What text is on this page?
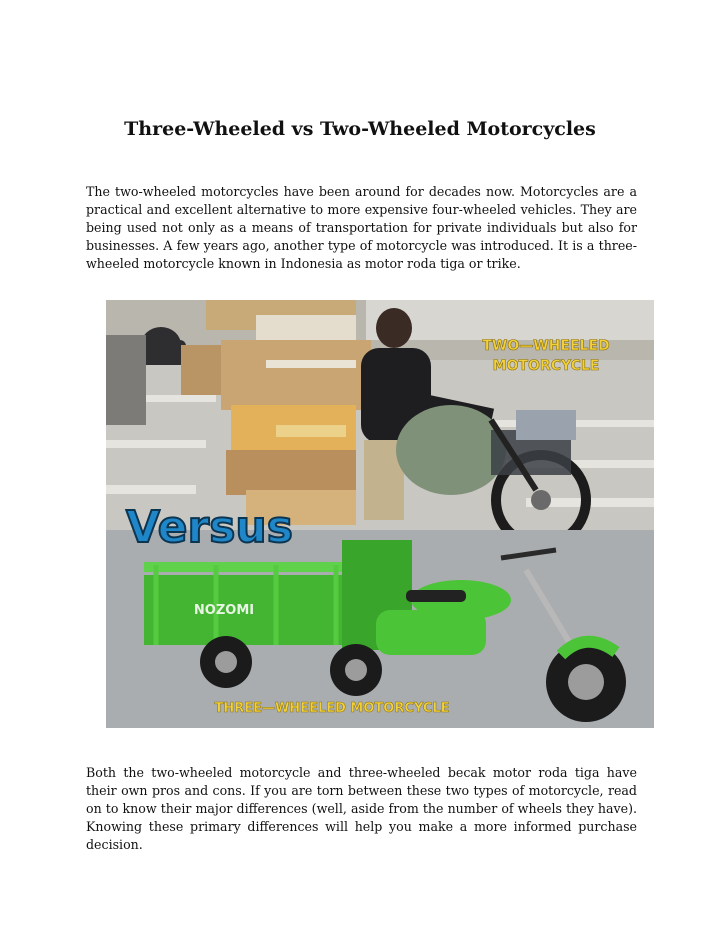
Three-Wheeled vs Two-Wheeled Motorcycles

The two-wheeled motorcycles have been around for decades now. Motorcycles are a practical and excellent alternative to more expensive four-wheeled vehicles. They are being used not only as a means of transportation for private individuals but also for businesses. A few years ago, another type of motorcycle was introduced. It is a three-wheeled motorcycle known in Indonesia as motor roda tiga or trike.

TWO—WHEELED
MOTORCYCLE
NOZOMI
THREE—WHEELED MOTORCYCLE
Versus

Both the two-wheeled motorcycle and three-wheeled becak motor roda tiga have their own pros and cons. If you are torn between these two types of motorcycle, read on to know their major differences (well, aside from the number of wheels they have). Knowing these primary differences will help you make a more informed purchase decision.
